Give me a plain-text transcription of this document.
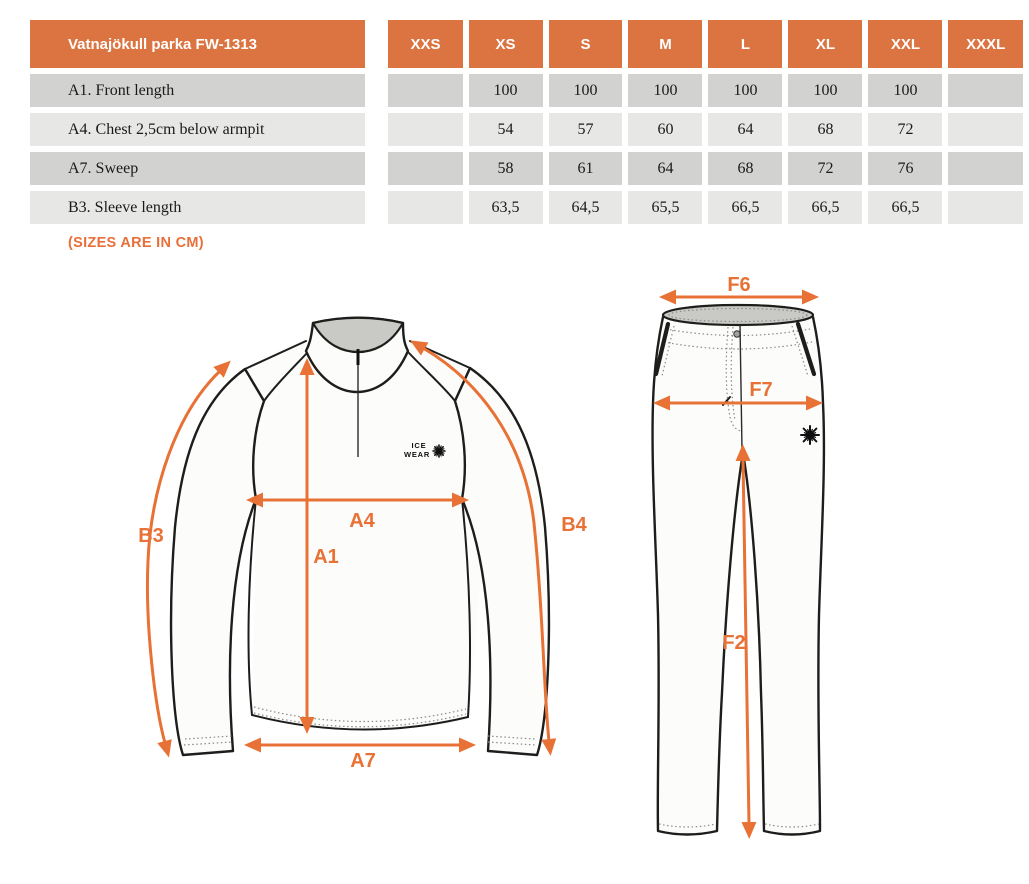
Vatnajökull parka FW-1313	XXS	XS	S	M	L	XL	XXL	XXXL
A1. Front length		100	100	100	100	100	100	
A4. Chest 2,5cm below armpit		54	57	60	64	68	72	
A7. Sweep		58	61	64	68	72	76	
B3. Sleeve length		63,5	64,5	65,5	66,5	66,5	66,5	
(SIZES ARE IN CM)
ICE
WEAR
B3	B4
A4
A1
A7
F6
F7
F2
